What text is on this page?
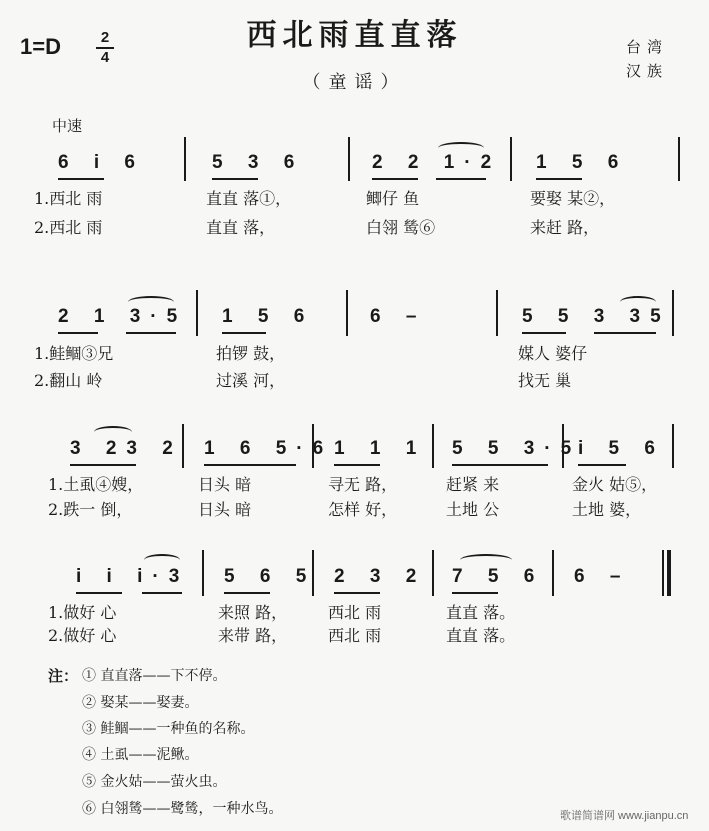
1=D	2
4
西北雨直直落
（童谣）
台湾
汉族
中速
6 i 6	5 3 6	2 2 1·2 1 5 6
1.西北 雨	直直 落①，	鲫仔 鱼	要娶 某②，
2.西北 雨	直直 落，	白翎 鸶⑥	来赶 路，
2 1 3·5 1 5 6	6 –	5 5 3 35
1.鲑鲴③兄	拍锣 鼓，	媒人 婆仔
2.翻山 岭	过溪 河，	找无 巢
3 23 2 1 6 5·6 1 1 1 5 5 3·5
i 5 6
1.土虱④嫂，	日头 暗	寻无 路，	赶紧 来	金火 姑⑤，
2.跌一 倒，	日头 暗	怎样 好，	土地 公	土地 婆，
i i i·3 5 6 5 2 3 2 7 5 6 6 –
1.做好 心	来照 路，	西北 雨	直直 落。
2.做好 心	来带 路，	西北 雨	直直 落。
注： ① 直直落——下不停。
② 娶某——娶妻。
③ 鲑鲴——一种鱼的名称。
④ 土虱——泥鳅。
⑤ 金火姑——萤火虫。
⑥ 白翎鸶——鹭鸶，一种水鸟。	歌谱简谱网 www.jianpu.cn
